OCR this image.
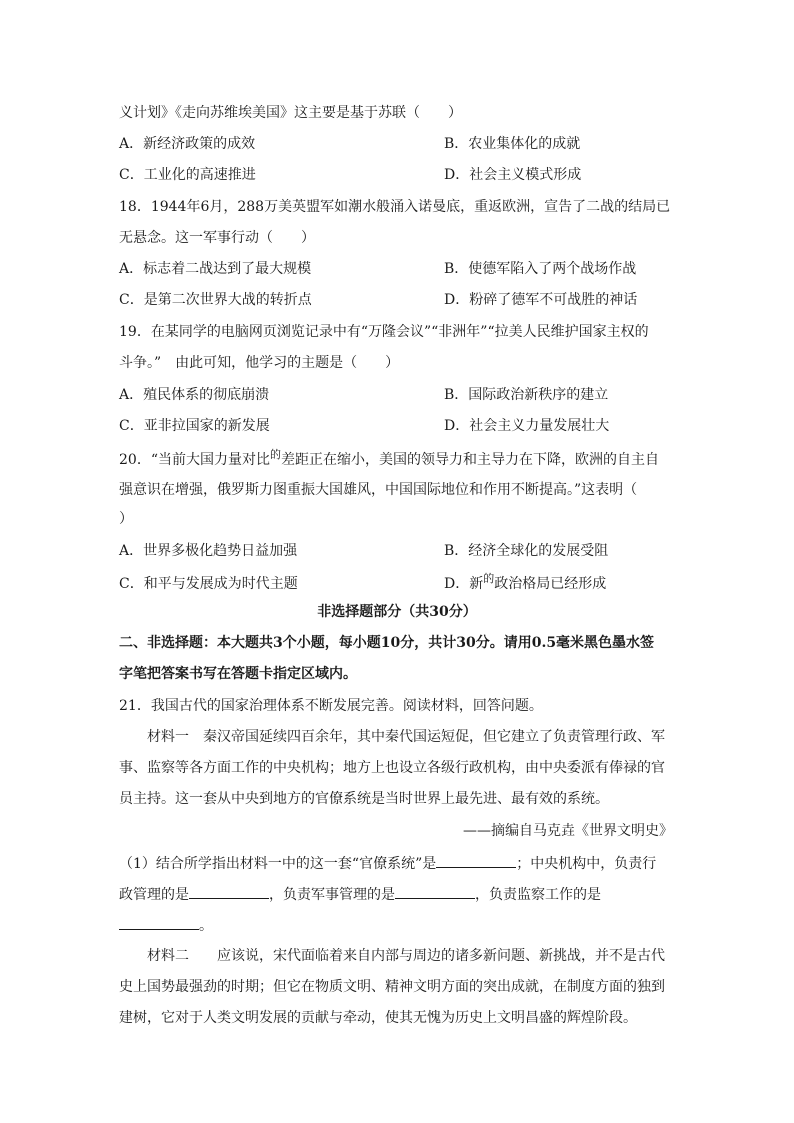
义计划》《走向苏维埃美国》这主要是基于苏联（　　）
A．新经济政策的成效	B．农业集体化的成就
C．工业化的高速推进	D．社会主义模式形成
18．1944年6月，288万美英盟军如潮水般涌入诺曼底，重返欧洲，宣告了二战的结局已
无悬念。这一军事行动（　　）
A．标志着二战达到了最大规模	B．使德军陷入了两个战场作战
C．是第二次世界大战的转折点	D．粉碎了德军不可战胜的神话
19．在某同学的电脑网页浏览记录中有“万隆会议”“非洲年”“拉美人民维护国家主权的
斗争。”　由此可知，他学习的主题是（　　）
A．殖民体系的彻底崩溃	B．国际政治新秩序的建立
C．亚非拉国家的新发展	D．社会主义力量发展壮大
20．“当前大国力量对比$^的$差距正在缩小，美国的领导力和主导力在下降，欧洲的自主自
强意识在增强，俄罗斯力图重振大国雄风，中国国际地位和作用不断提高。”这表明（
）
A．世界多极化趋势日益加强	B．经济全球化的发展受阻
C．和平与发展成为时代主题	D．新$^的$政治格局已经形成
非选择题部分（共30分）
二、非选择题：本大题共3个小题，每小题10分，共计30分。请用0.5毫米黑色墨水签
字笔把答案书写在答题卡指定区域内。
21．我国古代的国家治理体系不断发展完善。阅读材料，回答问题。
材料一　秦汉帝国延续四百余年，其中秦代国运短促，但它建立了负责管理行政、军
事、监察等各方面工作的中央机构；地方上也设立各级行政机构，由中央委派有俸禄的官
员主持。这一套从中央到地方的官僚系统是当时世界上最先进、最有效的系统。
——摘编自马克垚《世界文明史》
（1）结合所学指出材料一中的这一套“官僚系统”是	；中央机构中，负责行
政管理的是	，负责军事管理的是	，负责监察工作的是
。
材料二　　应该说，宋代面临着来自内部与周边的诸多新问题、新挑战，并不是古代
史上国势最强劲的时期；但它在物质文明、精神文明方面的突出成就，在制度方面的独到
建树，它对于人类文明发展的贡献与牵动，使其无愧为历史上文明昌盛的辉煌阶段。
